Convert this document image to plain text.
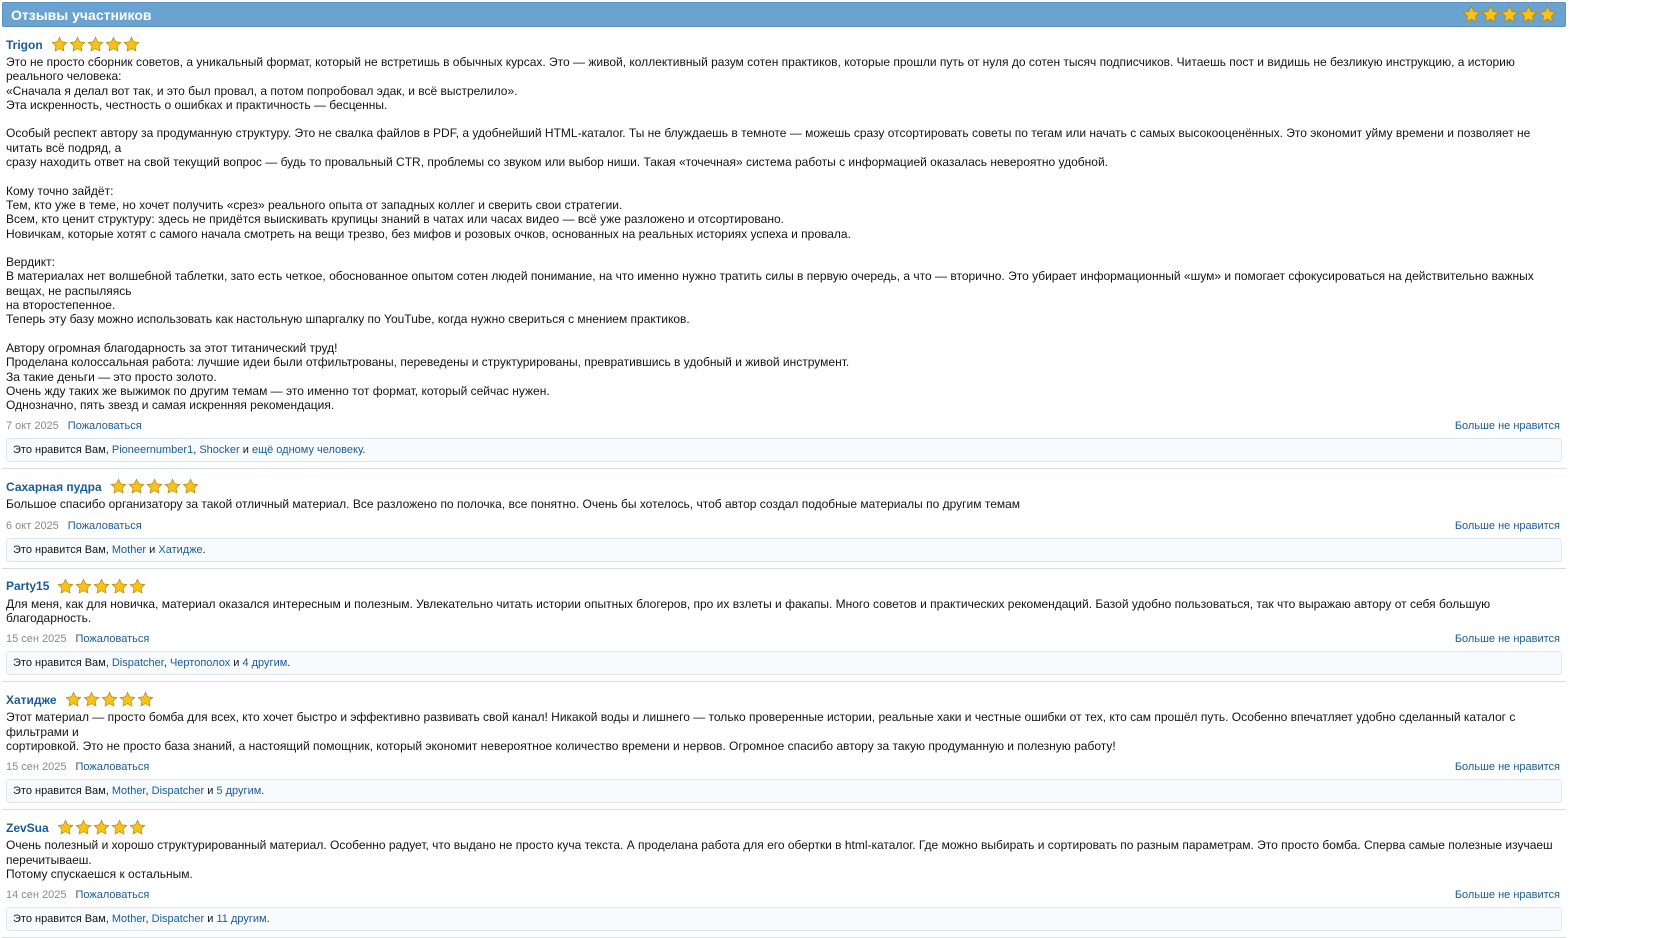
Отзывы участников
Trigon
Это не просто сборник советов, а уникальный формат, который не встретишь в обычных курсах. Это — живой, коллективный разум сотен практиков, которые прошли путь от нуля до сотен тысяч подписчиков. Читаешь пост и видишь не безликую инструкцию, а историю реального человека:
«Сначала я делал вот так, и это был провал, а потом попробовал эдак, и всё выстрелило».
Эта искренность, честность о ошибках и практичность — бесценны.

Особый респект автору за продуманную структуру. Это не свалка файлов в PDF, а удобнейший HTML-каталог. Ты не блуждаешь в темноте — можешь сразу отсортировать советы по тегам или начать с самых высокооценённых. Это экономит уйму времени и позволяет не читать всё подряд, а
сразу находить ответ на свой текущий вопрос — будь то провальный CTR, проблемы со звуком или выбор ниши. Такая «точечная» система работы с информацией оказалась невероятно удобной.

Кому точно зайдёт:
Тем, кто уже в теме, но хочет получить «срез» реального опыта от западных коллег и сверить свои стратегии.
Всем, кто ценит структуру: здесь не придётся выискивать крупицы знаний в чатах или часах видео — всё уже разложено и отсортировано.
Новичкам, которые хотят с самого начала смотреть на вещи трезво, без мифов и розовых очков, основанных на реальных историях успеха и провала.

Вердикт:
В материалах нет волшебной таблетки, зато есть четкое, обоснованное опытом сотен людей понимание, на что именно нужно тратить силы в первую очередь, а что — вторично. Это убирает информационный «шум» и помогает сфокусироваться на действительно важных вещах, не распыляясь
на второстепенное.
Теперь эту базу можно использовать как настольную шпаргалку по YouTube, когда нужно свериться с мнением практиков.

Автору огромная благодарность за этот титанический труд!
Проделана колоссальная работа: лучшие идеи были отфильтрованы, переведены и структурированы, превратившись в удобный и живой инструмент.
За такие деньги — это просто золото.
Очень жду таких же выжимок по другим темам — это именно тот формат, который сейчас нужен.
Однозначно, пять звезд и самая искренняя рекомендация.
7 окт 2025 Пожаловаться	Больше не нравится
Это нравится Вам, Pioneernumber1, Shocker и ещё одному человеку.
Сахарная пудра
Большое спасибо организатору за такой отличный материал. Все разложено по полочка, все понятно. Очень бы хотелось, чтоб автор создал подобные материалы по другим темам
6 окт 2025 Пожаловаться	Больше не нравится
Это нравится Вам, Mother и Хатидже.
Party15
Для меня, как для новичка, материал оказался интересным и полезным. Увлекательно читать истории опытных блогеров, про их взлеты и факапы. Много советов и практических рекомендаций. Базой удобно пользоваться, так что выражаю автору от себя большую благодарность.
15 сен 2025 Пожаловаться	Больше не нравится
Это нравится Вам, Dispatcher, Чертополох и 4 другим.
Хатидже
Этот материал — просто бомба для всех, кто хочет быстро и эффективно развивать свой канал! Никакой воды и лишнего — только проверенные истории, реальные хаки и честные ошибки от тех, кто сам прошёл путь. Особенно впечатляет удобно сделанный каталог с фильтрами и
сортировкой. Это не просто база знаний, а настоящий помощник, который экономит невероятное количество времени и нервов. Огромное спасибо автору за такую продуманную и полезную работу!
15 сен 2025 Пожаловаться	Больше не нравится
Это нравится Вам, Mother, Dispatcher и 5 другим.
ZevSua
Очень полезный и хорошо структурированный материал. Особенно радует, что выдано не просто куча текста. А проделана работа для его обертки в html-каталог. Где можно выбирать и сортировать по разным параметрам. Это просто бомба. Сперва самые полезные изучаеш перечитываеш.
Потому спускаешся к остальным.
14 сен 2025 Пожаловаться	Больше не нравится
Это нравится Вам, Mother, Dispatcher и 11 другим.
